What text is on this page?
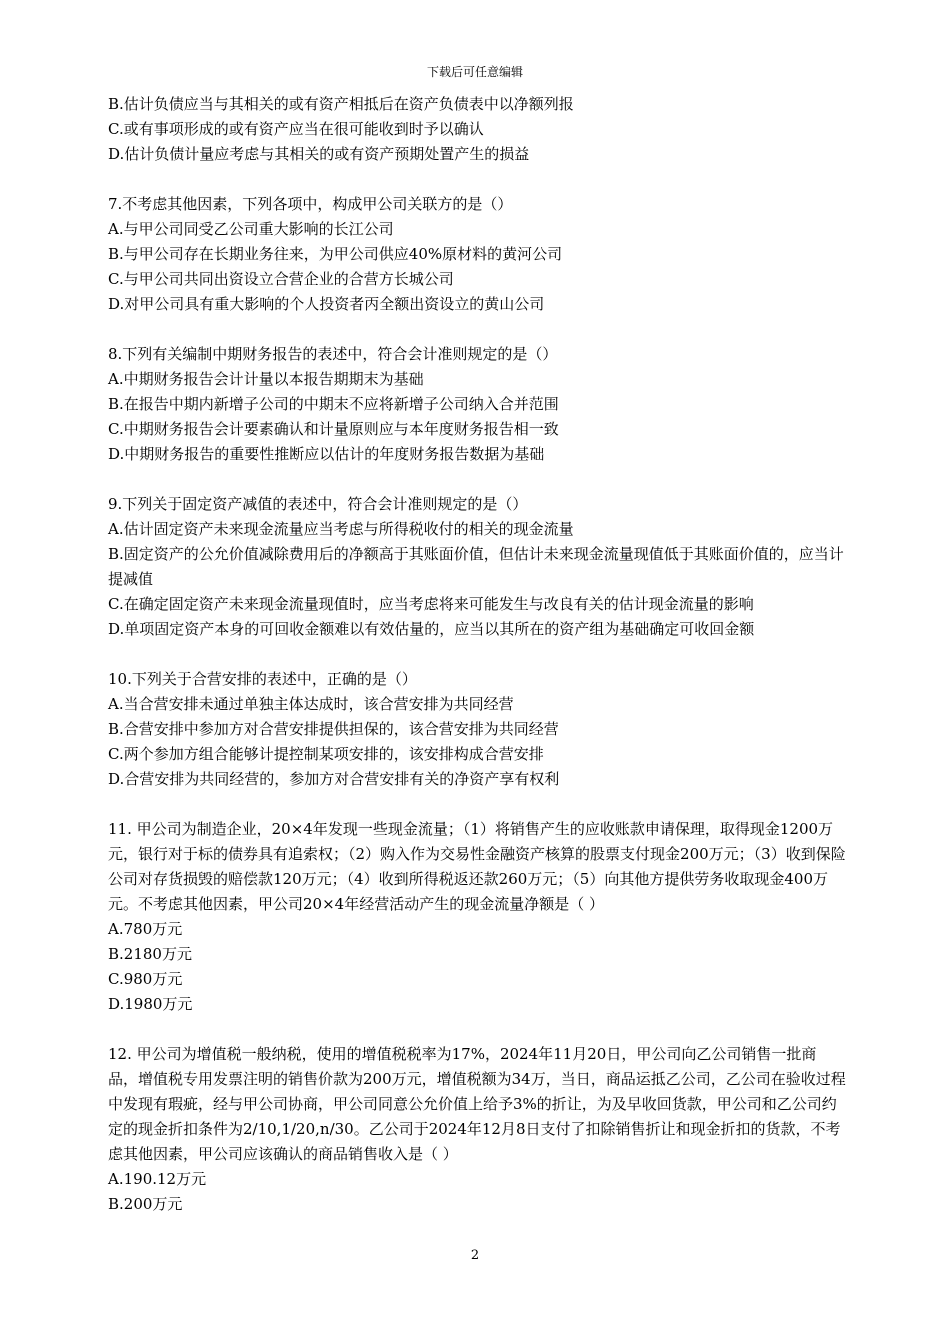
下载后可任意编辑

B.估计负债应当与其相关的或有资产相抵后在资产负债表中以净额列报

C.或有事项形成的或有资产应当在很可能收到时予以确认

D.估计负债计量应考虑与其相关的或有资产预期处置产生的损益

7.不考虑其他因素，下列各项中，构成甲公司关联方的是（）

A.与甲公司同受乙公司重大影响的长江公司

B.与甲公司存在长期业务往来，为甲公司供应40%原材料的黄河公司

C.与甲公司共同出资设立合营企业的合营方长城公司

D.对甲公司具有重大影响的个人投资者丙全额出资设立的黄山公司

8.下列有关编制中期财务报告的表述中，符合会计准则规定的是（）

A.中期财务报告会计计量以本报告期期末为基础

B.在报告中期内新增子公司的中期末不应将新增子公司纳入合并范围

C.中期财务报告会计要素确认和计量原则应与本年度财务报告相一致

D.中期财务报告的重要性推断应以估计的年度财务报告数据为基础

9.下列关于固定资产减值的表述中，符合会计准则规定的是（）

A.估计固定资产未来现金流量应当考虑与所得税收付的相关的现金流量

B.固定资产的公允价值减除费用后的净额高于其账面价值，但估计未来现金流量现值低于其账面价值的，应当计提减值

C.在确定固定资产未来现金流量现值时，应当考虑将来可能发生与改良有关的估计现金流量的影响

D.单项固定资产本身的可回收金额难以有效估量的，应当以其所在的资产组为基础确定可收回金额

10.下列关于合营安排的表述中，正确的是（）

A.当合营安排未通过单独主体达成时，该合营安排为共同经营

B.合营安排中参加方对合营安排提供担保的，该合营安排为共同经营

C.两个参加方组合能够计提控制某项安排的，该安排构成合营安排

D.合营安排为共同经营的，参加方对合营安排有关的净资产享有权利

11. 甲公司为制造企业，20×4年发现一些现金流量；（1）将销售产生的应收账款申请保理，取得现金1200万元，银行对于标的债券具有追索权；（2）购入作为交易性金融资产核算的股票支付现金200万元；（3）收到保险公司对存货损毁的赔偿款120万元；（4）收到所得税返还款260万元；（5）向其他方提供劳务收取现金400万元。不考虑其他因素，甲公司20×4年经营活动产生的现金流量净额是（ ）

A.780万元

B.2180万元

C.980万元

D.1980万元

12. 甲公司为增值税一般纳税，使用的增值税税率为17%，2024年11月20日，甲公司向乙公司销售一批商品，增值税专用发票注明的销售价款为200万元，增值税额为34万，当日，商品运抵乙公司，乙公司在验收过程中发现有瑕疵，经与甲公司协商，甲公司同意公允价值上给予3%的折让，为及早收回货款，甲公司和乙公司约定的现金折扣条件为2/10,1/20,n/30。乙公司于2024年12月8日支付了扣除销售折让和现金折扣的货款，不考虑其他因素，甲公司应该确认的商品销售收入是（ ）

A.190.12万元

B.200万元

2
